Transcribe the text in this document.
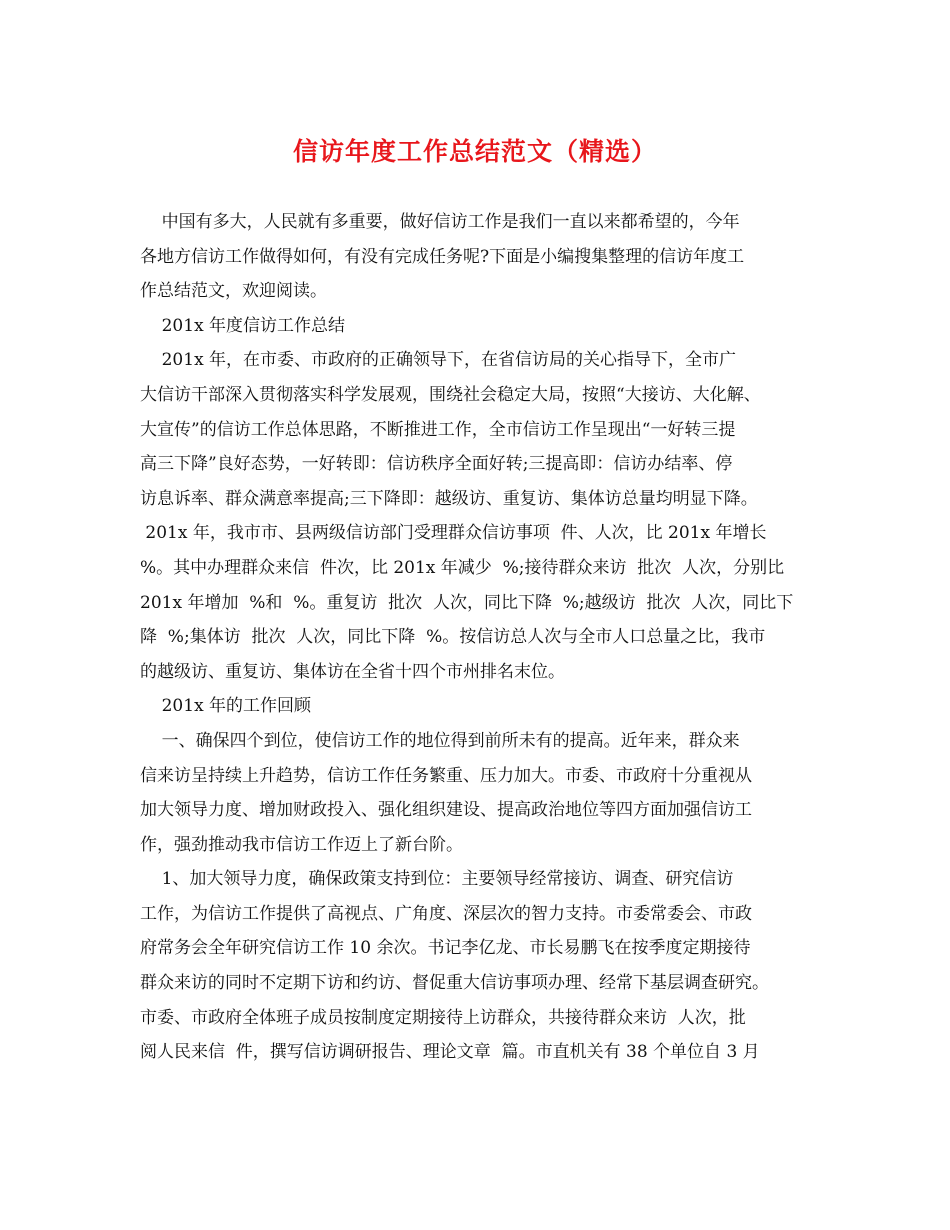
信访年度工作总结范文（精选）
中国有多大，人民就有多重要，做好信访工作是我们一直以来都希望的，今年
各地方信访工作做得如何，有没有完成任务呢?下面是小编搜集整理的信访年度工
作总结范文，欢迎阅读。
201x 年度信访工作总结
201x 年，在市委、市政府的正确领导下，在省信访局的关心指导下，全市广
大信访干部深入贯彻落实科学发展观，围绕社会稳定大局，按照“大接访、大化解、
大宣传”的信访工作总体思路，不断推进工作，全市信访工作呈现出“一好转三提
高三下降”良好态势，一好转即：信访秩序全面好转;三提高即：信访办结率、停
访息诉率、群众满意率提高;三下降即：越级访、重复访、集体访总量均明显下降。
201x 年，我市市、县两级信访部门受理群众信访事项  件、人次，比 201x 年增长
%。其中办理群众来信  件次，比 201x 年减少  %;接待群众来访  批次  人次，分别比
201x 年增加  %和  %。重复访  批次  人次，同比下降  %;越级访  批次  人次，同比下
降  %;集体访  批次  人次，同比下降  %。按信访总人次与全市人口总量之比，我市
的越级访、重复访、集体访在全省十四个市州排名末位。
201x 年的工作回顾
一、确保四个到位，使信访工作的地位得到前所未有的提高。近年来，群众来
信来访呈持续上升趋势，信访工作任务繁重、压力加大。市委、市政府十分重视从
加大领导力度、增加财政投入、强化组织建设、提高政治地位等四方面加强信访工
作，强劲推动我市信访工作迈上了新台阶。
1、加大领导力度，确保政策支持到位：主要领导经常接访、调查、研究信访
工作，为信访工作提供了高视点、广角度、深层次的智力支持。市委常委会、市政
府常务会全年研究信访工作 10 余次。书记李亿龙、市长易鹏飞在按季度定期接待
群众来访的同时不定期下访和约访、督促重大信访事项办理、经常下基层调查研究。
市委、市政府全体班子成员按制度定期接待上访群众，共接待群众来访  人次，批
阅人民来信  件，撰写信访调研报告、理论文章  篇。市直机关有 38 个单位自 3 月
